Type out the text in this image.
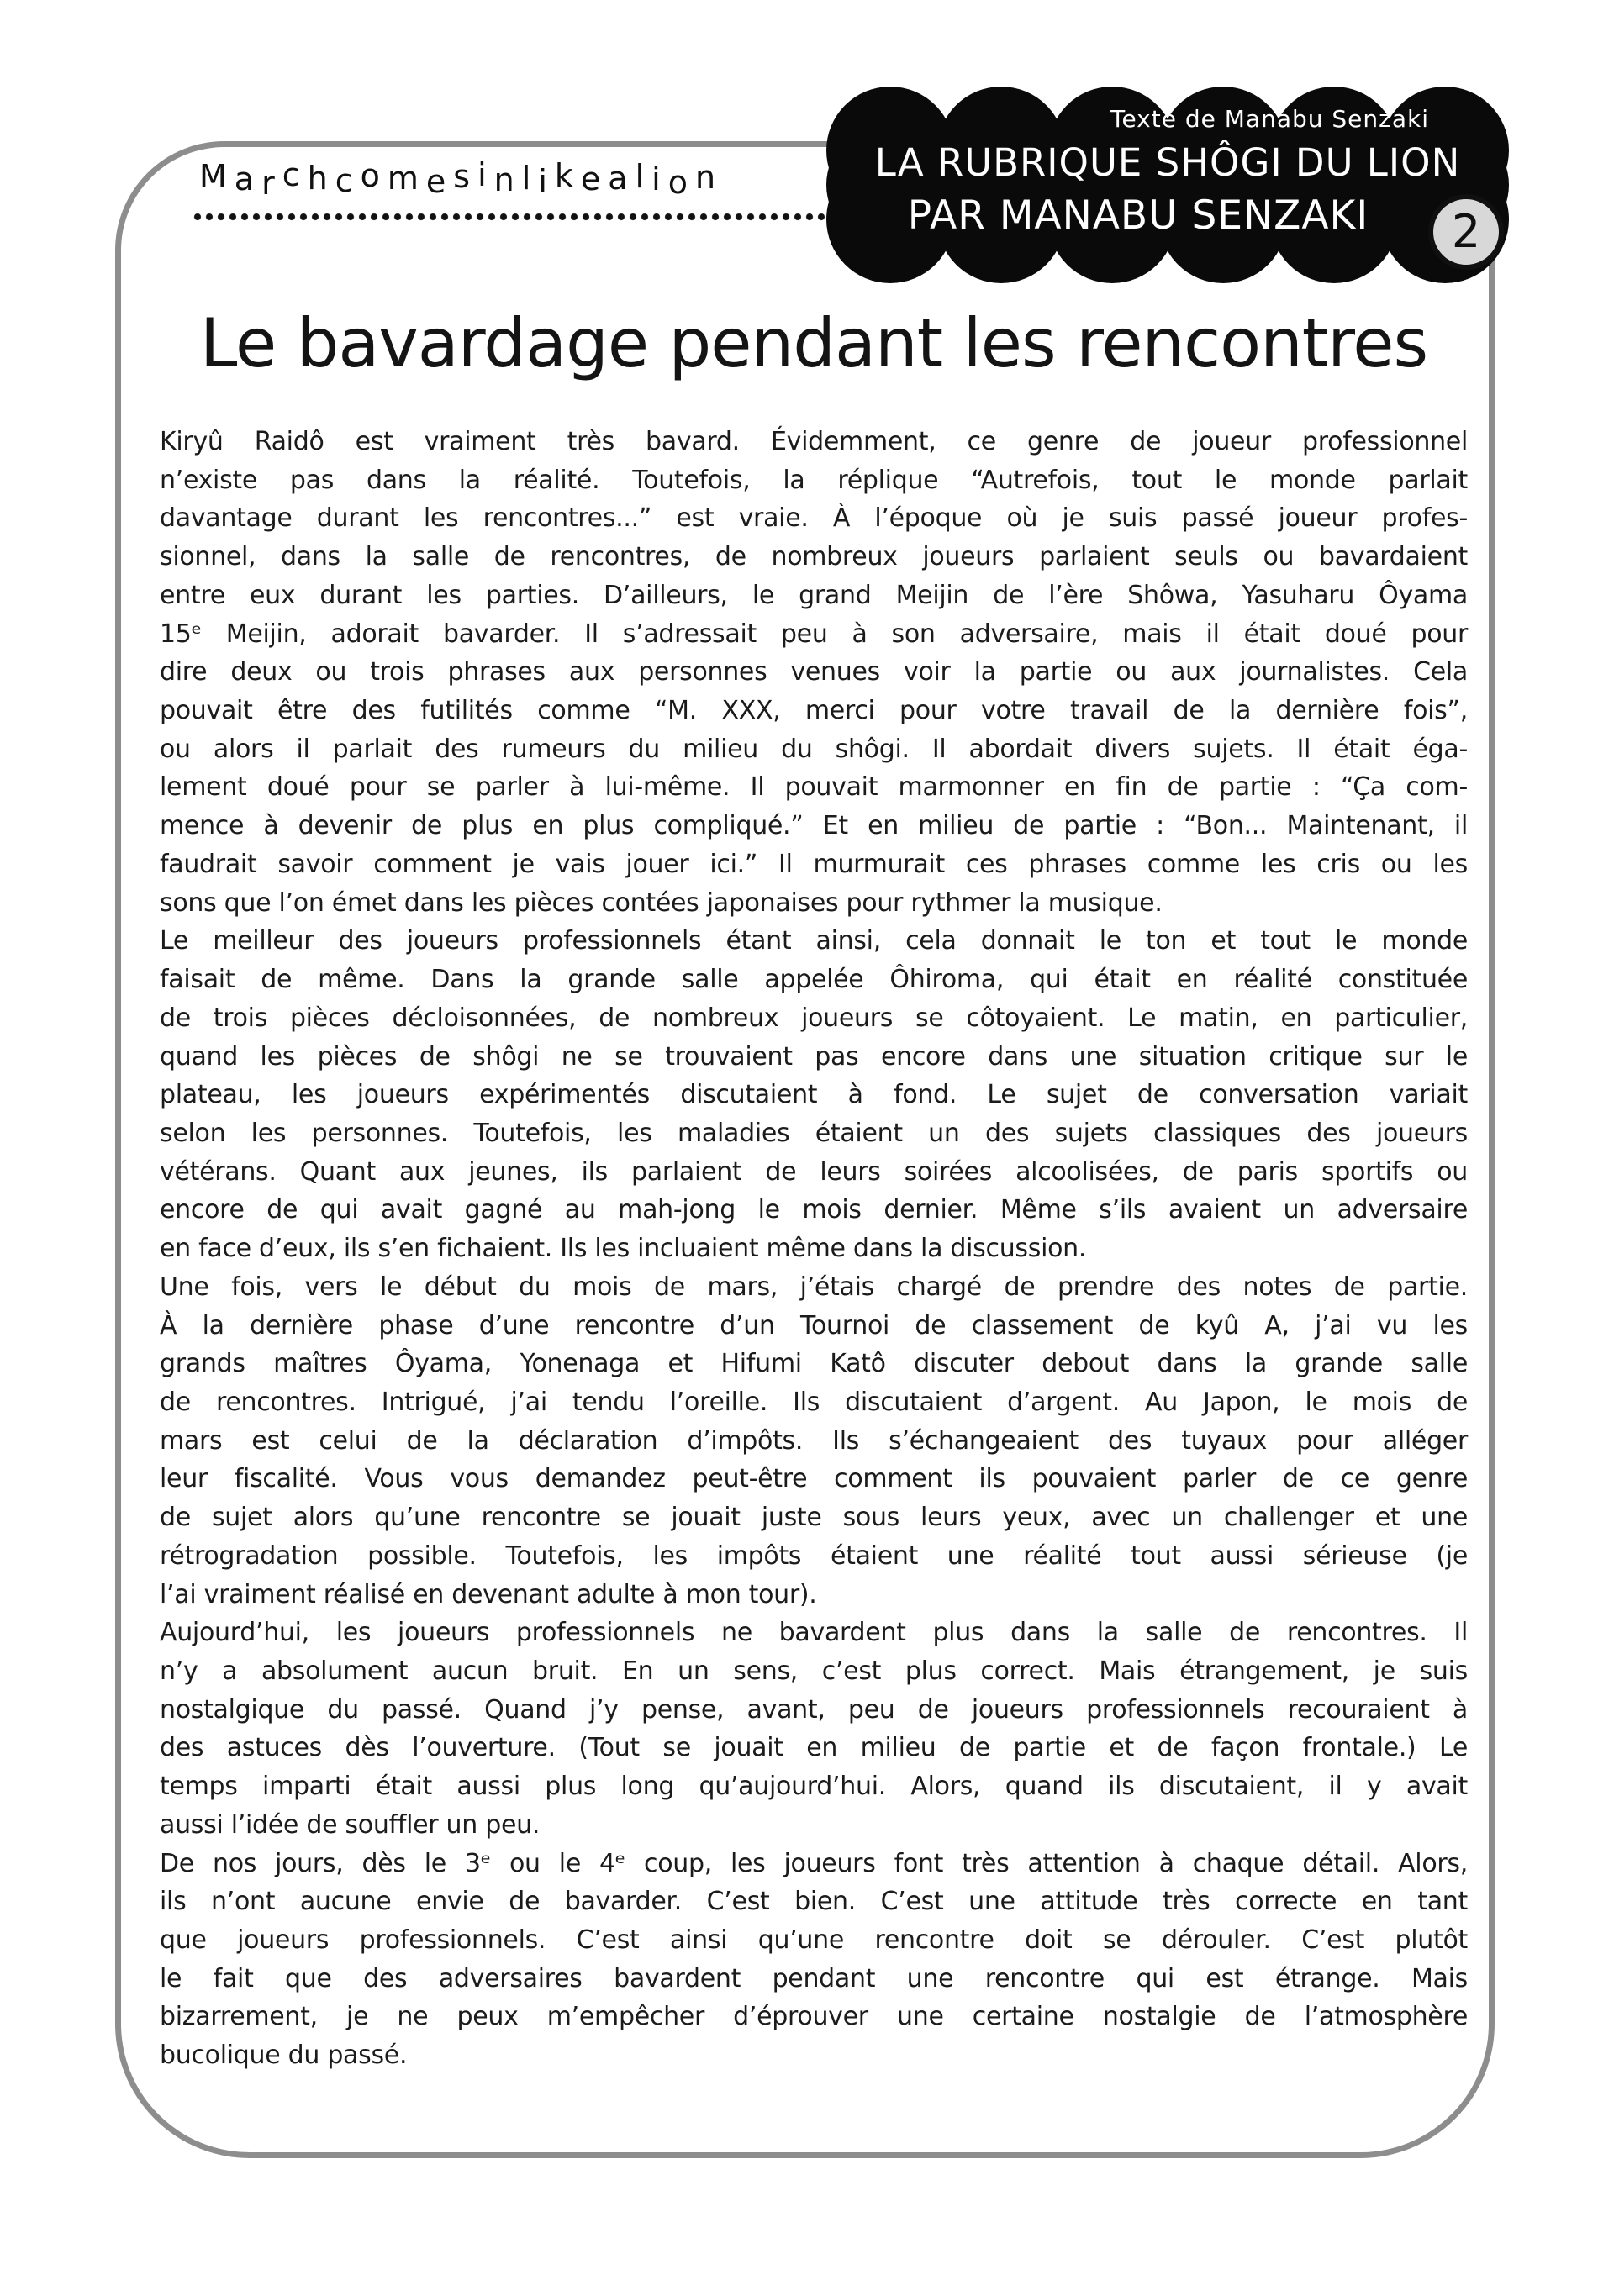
Marchcomesinlikealion
Texte de Manabu Senzaki
LA RUBRIQUE SHÔGI DU LION
PAR MANABU SENZAKI	2
Le bavardage pendant les rencontres
Kiryû Raidô est vraiment très bavard. Évidemment, ce genre de joueur professionnel
n’existe pas dans la réalité. Toutefois, la réplique “Autrefois, tout le monde parlait
davantage durant les rencontres...” est vraie. À l’époque où je suis passé joueur profes-
sionnel, dans la salle de rencontres, de nombreux joueurs parlaient seuls ou bavardaient
entre eux durant les parties. D’ailleurs, le grand Meijin de l’ère Shôwa, Yasuharu Ôyama
15ᵉ Meijin, adorait bavarder. Il s’adressait peu à son adversaire, mais il était doué pour
dire deux ou trois phrases aux personnes venues voir la partie ou aux journalistes. Cela
pouvait être des futilités comme “M. XXX, merci pour votre travail de la dernière fois”,
ou alors il parlait des rumeurs du milieu du shôgi. Il abordait divers sujets. Il était éga-
lement doué pour se parler à lui-même. Il pouvait marmonner en fin de partie : “Ça com-
mence à devenir de plus en plus compliqué.” Et en milieu de partie : “Bon... Maintenant, il
faudrait savoir comment je vais jouer ici.” Il murmurait ces phrases comme les cris ou les
sons que l’on émet dans les pièces contées japonaises pour rythmer la musique.
Le meilleur des joueurs professionnels étant ainsi, cela donnait le ton et tout le monde
faisait de même. Dans la grande salle appelée Ôhiroma, qui était en réalité constituée
de trois pièces décloisonnées, de nombreux joueurs se côtoyaient. Le matin, en particulier,
quand les pièces de shôgi ne se trouvaient pas encore dans une situation critique sur le
plateau, les joueurs expérimentés discutaient à fond. Le sujet de conversation variait
selon les personnes. Toutefois, les maladies étaient un des sujets classiques des joueurs
vétérans. Quant aux jeunes, ils parlaient de leurs soirées alcoolisées, de paris sportifs ou
encore de qui avait gagné au mah-jong le mois dernier. Même s’ils avaient un adversaire
en face d’eux, ils s’en fichaient. Ils les incluaient même dans la discussion.
Une fois, vers le début du mois de mars, j’étais chargé de prendre des notes de partie.
À la dernière phase d’une rencontre d’un Tournoi de classement de kyû A, j’ai vu les
grands maîtres Ôyama, Yonenaga et Hifumi Katô discuter debout dans la grande salle
de rencontres. Intrigué, j’ai tendu l’oreille. Ils discutaient d’argent. Au Japon, le mois de
mars est celui de la déclaration d’impôts. Ils s’échangeaient des tuyaux pour alléger
leur fiscalité. Vous vous demandez peut-être comment ils pouvaient parler de ce genre
de sujet alors qu’une rencontre se jouait juste sous leurs yeux, avec un challenger et une
rétrogradation possible. Toutefois, les impôts étaient une réalité tout aussi sérieuse (je
l’ai vraiment réalisé en devenant adulte à mon tour).
Aujourd’hui, les joueurs professionnels ne bavardent plus dans la salle de rencontres. Il
n’y a absolument aucun bruit. En un sens, c’est plus correct. Mais étrangement, je suis
nostalgique du passé. Quand j’y pense, avant, peu de joueurs professionnels recouraient à
des astuces dès l’ouverture. (Tout se jouait en milieu de partie et de façon frontale.) Le
temps imparti était aussi plus long qu’aujourd’hui. Alors, quand ils discutaient, il y avait
aussi l’idée de souffler un peu.
De nos jours, dès le 3ᵉ ou le 4ᵉ coup, les joueurs font très attention à chaque détail. Alors,
ils n’ont aucune envie de bavarder. C’est bien. C’est une attitude très correcte en tant
que joueurs professionnels. C’est ainsi qu’une rencontre doit se dérouler. C’est plutôt
le fait que des adversaires bavardent pendant une rencontre qui est étrange. Mais
bizarrement, je ne peux m’empêcher d’éprouver une certaine nostalgie de l’atmosphère
bucolique du passé.
